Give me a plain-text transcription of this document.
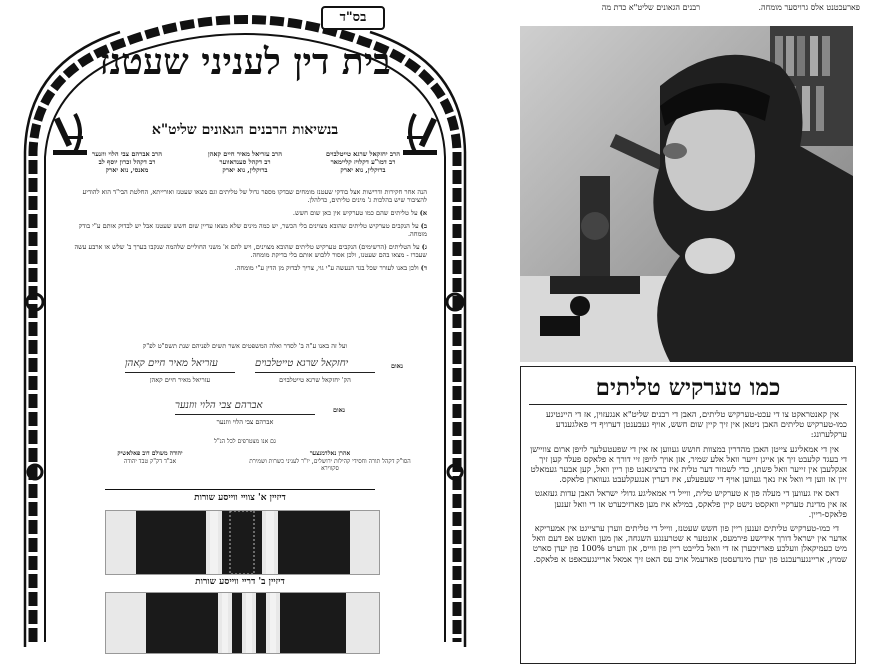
בס"ד
בית דין לעניני שעטנז
בנשיאות הרבנים הגאונים שליט"א
הרב יחזקאל שרגא טייטלבוים
רב דמו"ע דקלויז קליימאר
ברוקלין, נוא יארק
הרב עזריאל מאיר חיים קאהן
רב דקהל סענדאווער
ברוקלין, נוא יארק
הרב אברהם צבי הלוי ווזנער
רב דקהל זכרון יוסף לב
מאנסי, נוא יארק

הנה אחר חקירות ודרישות אצל בודקי שעטנז מומחים שבדקו מספר גדול של טליתים וגם מצאו שעטנז ואורייתא, החלטת הבי"ד הוא להודיע להציבור שיש בהלכות ג' מינים טליתים, כדלהלן.

א) על טליתים שהם כמו טערקיש אין כאן שום חשש.

ב) על הנקבים טערקיש טליתים שהובא מצוינים בלי הכשר, יש כמה מינים שלא מצאו עדיין שום חשש שעטנז אבל יש לבדוק אותם ע"י בודק מומחה.

ג) על הטליתים (הרשימים) הנקבים טערקיש טליתים שהובא מצוינים, ויש להם א' משני החוליים שלהמה שנקבו בערך ב' שלש או ארבע עשה שעברו - מצאו בהם שעטנז, ולכן אסור ללבוש אותם בלי בדיקת מומחה.

ד) ולכן באנו לעורר שכל בגד הנעשה ע"י גוי, צריך לבדוק מן הדין ע"י מומחה.

ועל זה באנו ע"ה ב' לסדר ואלה המשפטים אשר תשים לפניהם שנת תשס"ט לפ"ק
נאום
יחזקאל שרגא טייטלבוים
עזריאל מאיר חיים קאהן
הק' יחזקאל שרגא טייטלבוים
עזריאל מאיר חיים קאהן
נאום
אברהם צבי הלוי ווזנער
אברהם צבי הלוי ווזנער
גם אנו מצטרפים לכל הנ"ל
יהודה משולם דוב פאלאשיק
אב"ד דק"ק טבד יהודה
אהרן נאלדמנצער
הסו"ק דקהל תורה וחסידי קהילות ירושלים, יו"ר לעניני כשרות ושמירת סקווירא
דיזיין א' צוויי ווייסע שורות
דיזיין ב' דריי ווייסע שורות
פארעכטנט אלס גרויסער מומחה.
רבנים הגאונים שליט"א כדת מה
כמו טערקיש טליתים

אין קאנטראקט צו די עכט-טערקיש טליתים, האבן די רבנים שליט"א אנגעזוין, אז די היינטיגע כמו-טערקיש טליתים האבן ניטאן אין זיך קיין שום חשש, אויף געבענטן דערויף די פאלגענדע ערקלערונג:

אין די אמאליגע צייטן האבן מהדרין במצוות חושש געווען אז אין די שפעטעלעך לויפן ארום צוויישן די בעגד קלעבט זיך אן אייגן זייער וואל אלע שמיר, אזן אויך לויפן זיי דורך א פלאקס פעלד קען זיך אנקלעבן אין זייער וואל פשתן, כדי לשמור דער טלית איז ברציגאנט פון ריין וואל, קען אבער געמאלט זיין אז ווען די וואל איז נאך געווען אויף די שעפעלע, איז דערין אנגעקלעבט געווארן פלאקס.

דאס איז געווען די מעלה פון א טערקיש טלית, ווייל די אמאליגע גדולי ישראל האבן עדות געזאגט אז אין מדינת טערקיי וואקסט נישט קיין פלאקס, במילא איז מען פארזיכערט אז די וואל זענען פלאקס-ריין.

די כמו-טערקיש טליתים זענען ריין פון חשש שעטנז, ווייל די טליתים ווערן ערצייגט אין אמעריקא אדער אין ישראל דורך אידישע פירמעס, אונטער א שטרענגע השגחה, און מען וואשט אפ דעם וואל מיט כעמיקאלן וועלכע פארזיכערן אז די וואל בלייבט ריין פון ווייס, און ווערט 100% פון יעדן סארט שמוץ, אריינגערעכנט פון יעדן מינדעסטן פאדעמל אויב עס האט זיך אמאל אריינגעכאפט א פלאקס.
